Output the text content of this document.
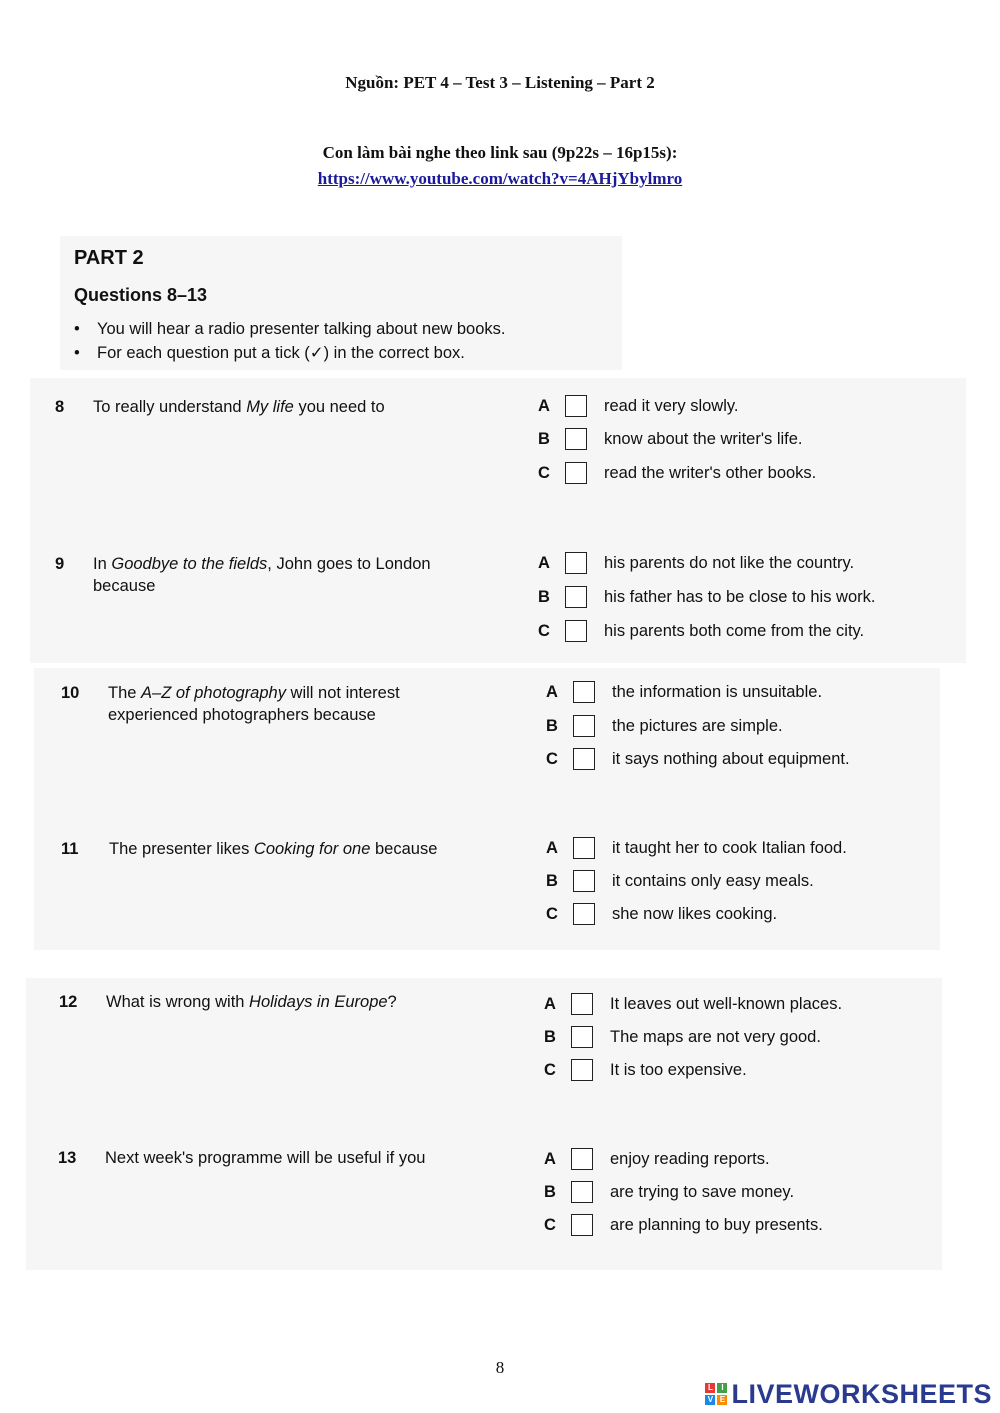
Nguồn: PET 4 – Test 3 – Listening – Part 2
Con làm bài nghe theo link sau (9p22s – 16p15s):
https://www.youtube.com/watch?v=4AHjYbylmro
PART 2
Questions 8–13
• You will hear a radio presenter talking about new books.
• For each question put a tick (✓) in the correct box.
8 To really understand My life you need to	A	read it very slowly.
B	know about the writer's life.
C	read the writer's other books.
9 In Goodbye to the fields, John goes to London because
A	his parents do not like the country.
B	his father has to be close to his work.
C	his parents both come from the city.
10 The A–Z of photography will not interest experienced photographers because
A	the information is unsuitable.
B	the pictures are simple.
C	it says nothing about equipment.
11 The presenter likes Cooking for one because	A	it taught her to cook Italian food.
B	it contains only easy meals.
C	she now likes cooking.
12 What is wrong with Holidays in Europe?	A	It leaves out well-known places.
B	The maps are not very good.
C	It is too expensive.
13 Next week's programme will be useful if you	A	enjoy reading reports.
B	are trying to save money.
C	are planning to buy presents.
8
L	I
V E LIVEWORKSHEETS
